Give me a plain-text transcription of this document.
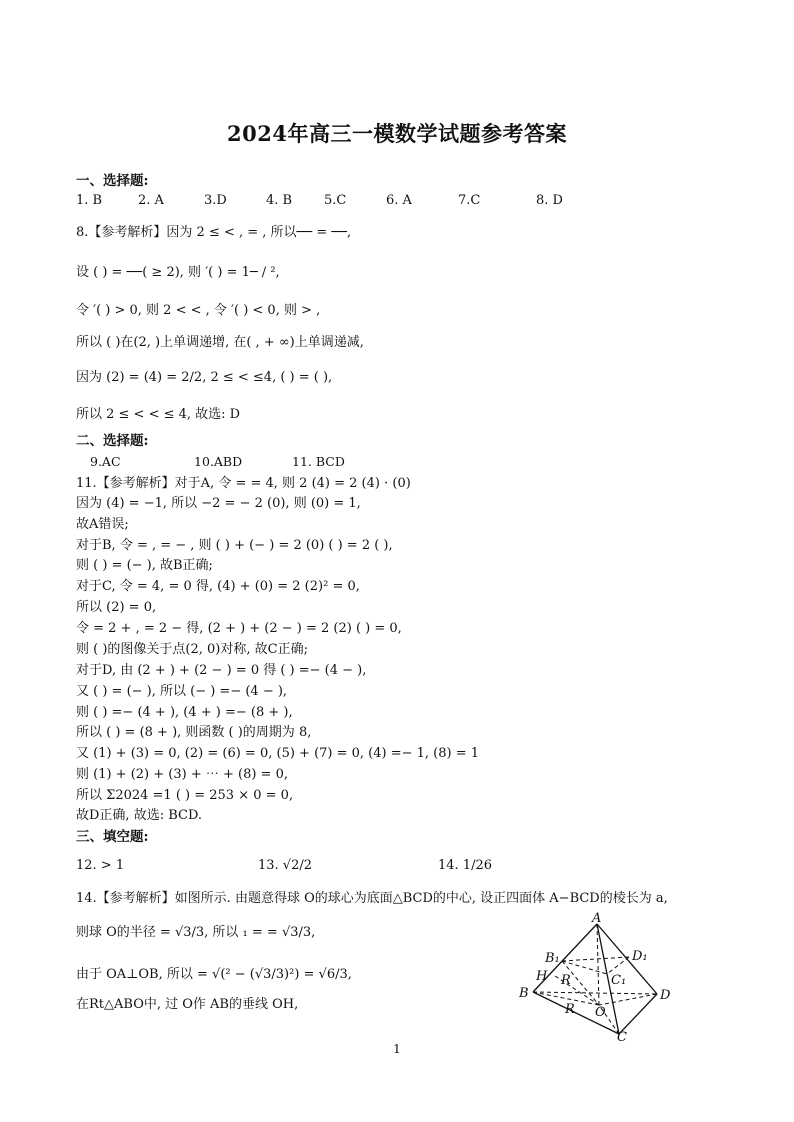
2024年高三一模数学试题参考答案
一、选择题:
1. B	2. A	3.D	4. B 5.C	6. A	7.C	8. D
8.【参考解析】因为 2 ≤ < , = , 所以── = ──,
设 ( ) = ──( ≥ 2), 则 ′( ) = 1─ / ²,
令 ′( ) > 0, 则 2 < < , 令 ′( ) < 0, 则 > ,
所以 ( )在(2, )上单调递增, 在( , + ∞)上单调递减,
因为 (2) = (4) = 2/2, 2 ≤ < ≤4, ( ) = ( ),
所以 2 ≤ < < ≤ 4, 故选: D
二、选择题:
9.AC	10.ABD	11. BCD
11.【参考解析】对于A, 令 = = 4, 则 2 (4) = 2 (4) · (0)
因为 (4) = −1, 所以 −2 = − 2 (0), 则 (0) = 1,
故A错误;
对于B, 令 = , = − , 则 ( ) + (− ) = 2 (0) ( ) = 2 ( ),
则 ( ) = (− ), 故B正确;
对于C, 令 = 4, = 0 得, (4) + (0) = 2 (2)² = 0,
所以 (2) = 0,
令 = 2 + , = 2 − 得, (2 + ) + (2 − ) = 2 (2) ( ) = 0,
则 ( )的图像关于点(2, 0)对称, 故C正确;
对于D, 由 (2 + ) + (2 − ) = 0 得 ( ) =− (4 − ),
又 ( ) = (− ), 所以 (− ) =− (4 − ),
则 ( ) =− (4 + ), (4 + ) =− (8 + ),
所以 ( ) = (8 + ), 则函数 ( )的周期为 8,
又 (1) + (3) = 0, (2) = (6) = 0, (5) + (7) = 0, (4) =− 1, (8) = 1
则 (1) + (2) + (3) + ⋯ + (8) = 0,
所以 Σ2024 =1 ( ) = 253 × 0 = 0,
故D正确, 故选: BCD.
三、填空题:
12. > 1	13. √2/2	14. 1/26
14.【参考解析】如图所示. 由题意得球 O的球心为底面△BCD的中心, 设正四面体 A−BCD的棱长为 a,
则球 O的半径 = √3/3, 所以 ₁ = = √3/3,
由于 OA⊥OB, 所以 = √(² − (√3/3)²) = √6/3,
在Rt△ABO中, 过 O作 AB的垂线 OH,
A
B₁	D₁
H R	C₁
B
O
D
R
C
1
